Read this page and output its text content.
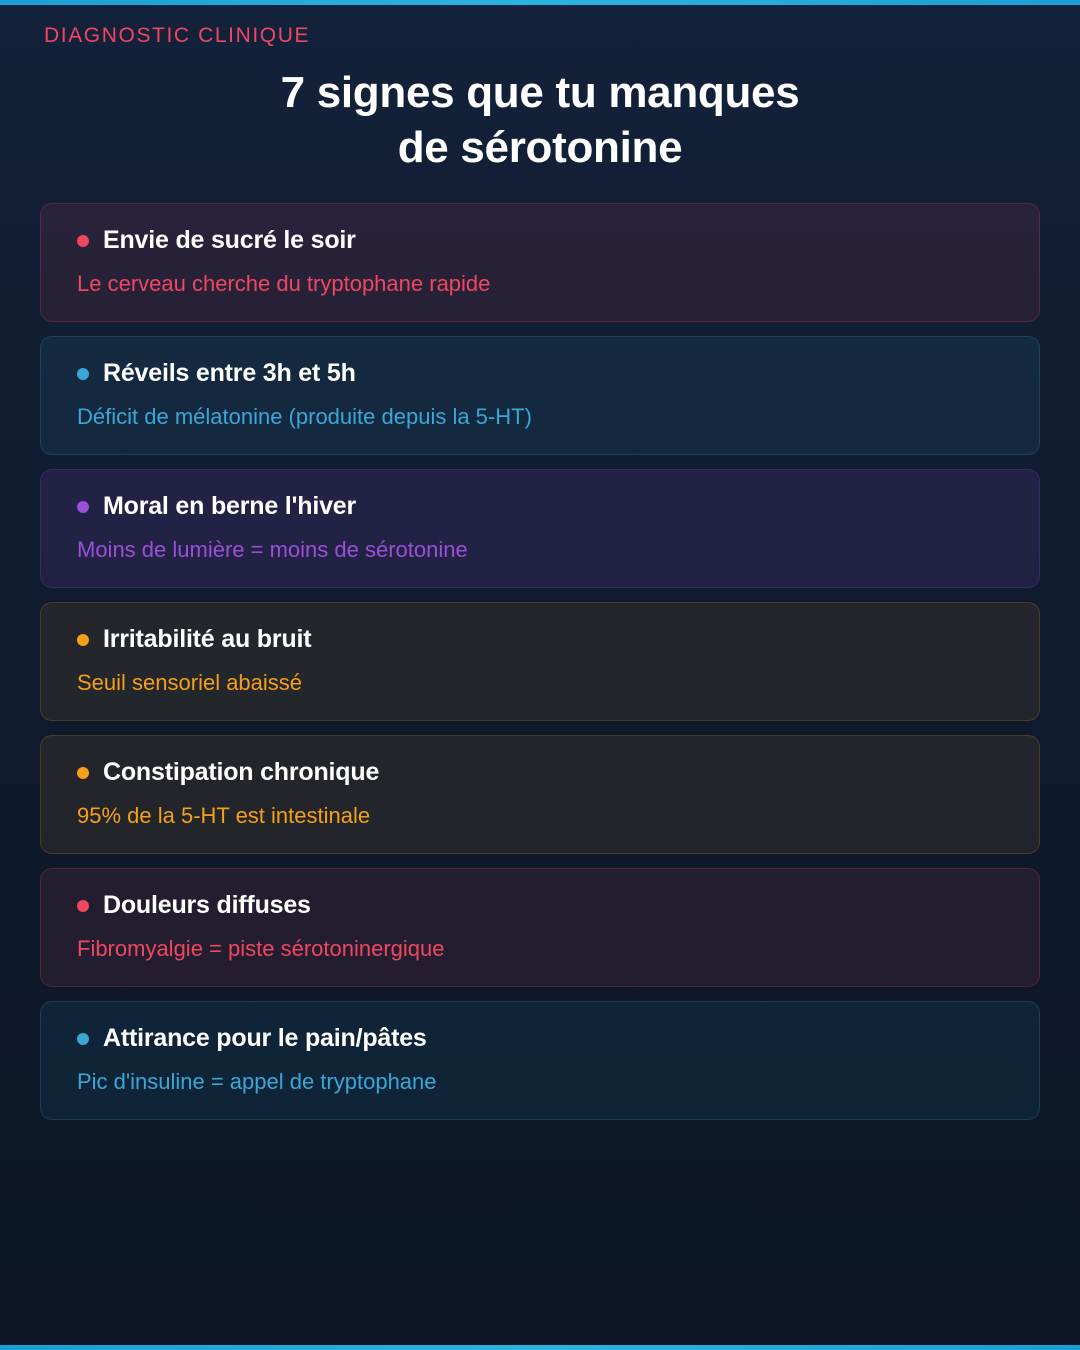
DIAGNOSTIC CLINIQUE
7 signes que tu manques
de sérotonine
Envie de sucré le soir
Le cerveau cherche du tryptophane rapide
Réveils entre 3h et 5h
Déficit de mélatonine (produite depuis la 5-HT)
Moral en berne l'hiver
Moins de lumière = moins de sérotonine
Irritabilité au bruit
Seuil sensoriel abaissé
Constipation chronique
95% de la 5-HT est intestinale
Douleurs diffuses
Fibromyalgie = piste sérotoninergique
Attirance pour le pain/pâtes
Pic d'insuline = appel de tryptophane
